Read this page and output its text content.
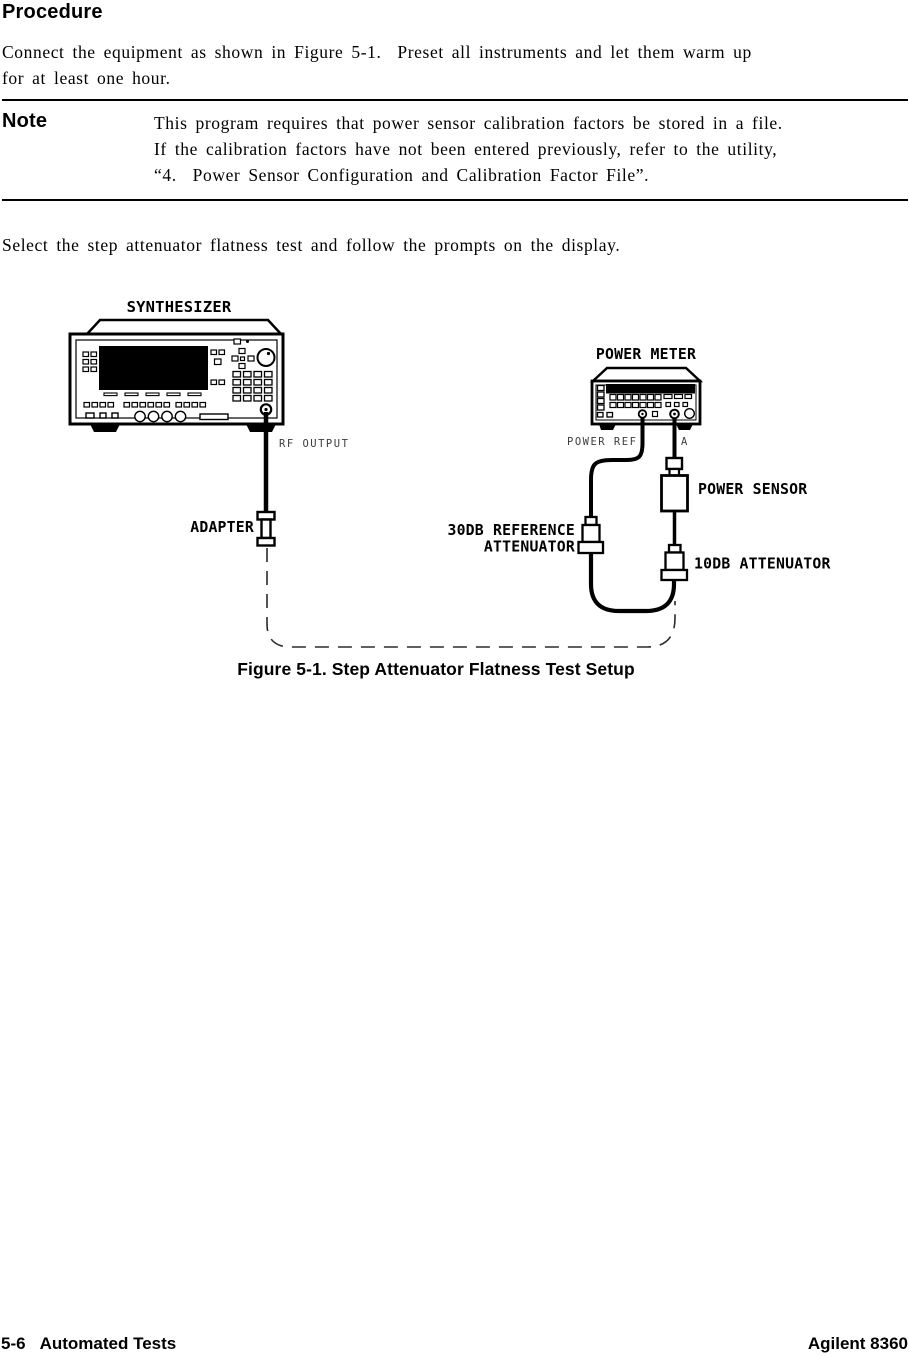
Procedure
Connect the equipment as shown in Figure 5-1.  Preset all instruments and let them warm up
for at least one hour.
Note	This program requires that power sensor calibration factors be stored in a file.
If the calibration factors have not been entered previously, refer to the utility,
“4.  Power Sensor Configuration and Calibration Factor File”.
Select the step attenuator flatness test and follow the prompts on the display.
SYNTHESIZER
RF OUTPUT
ADAPTER
POWER METER
POWER REF	A
30DB REFERENCE
ATTENUATOR
POWER SENSOR
10DB ATTENUATOR
Figure 5-1. Step Attenuator Flatness Test Setup
5-6 Automated Tests	Agilent 8360
